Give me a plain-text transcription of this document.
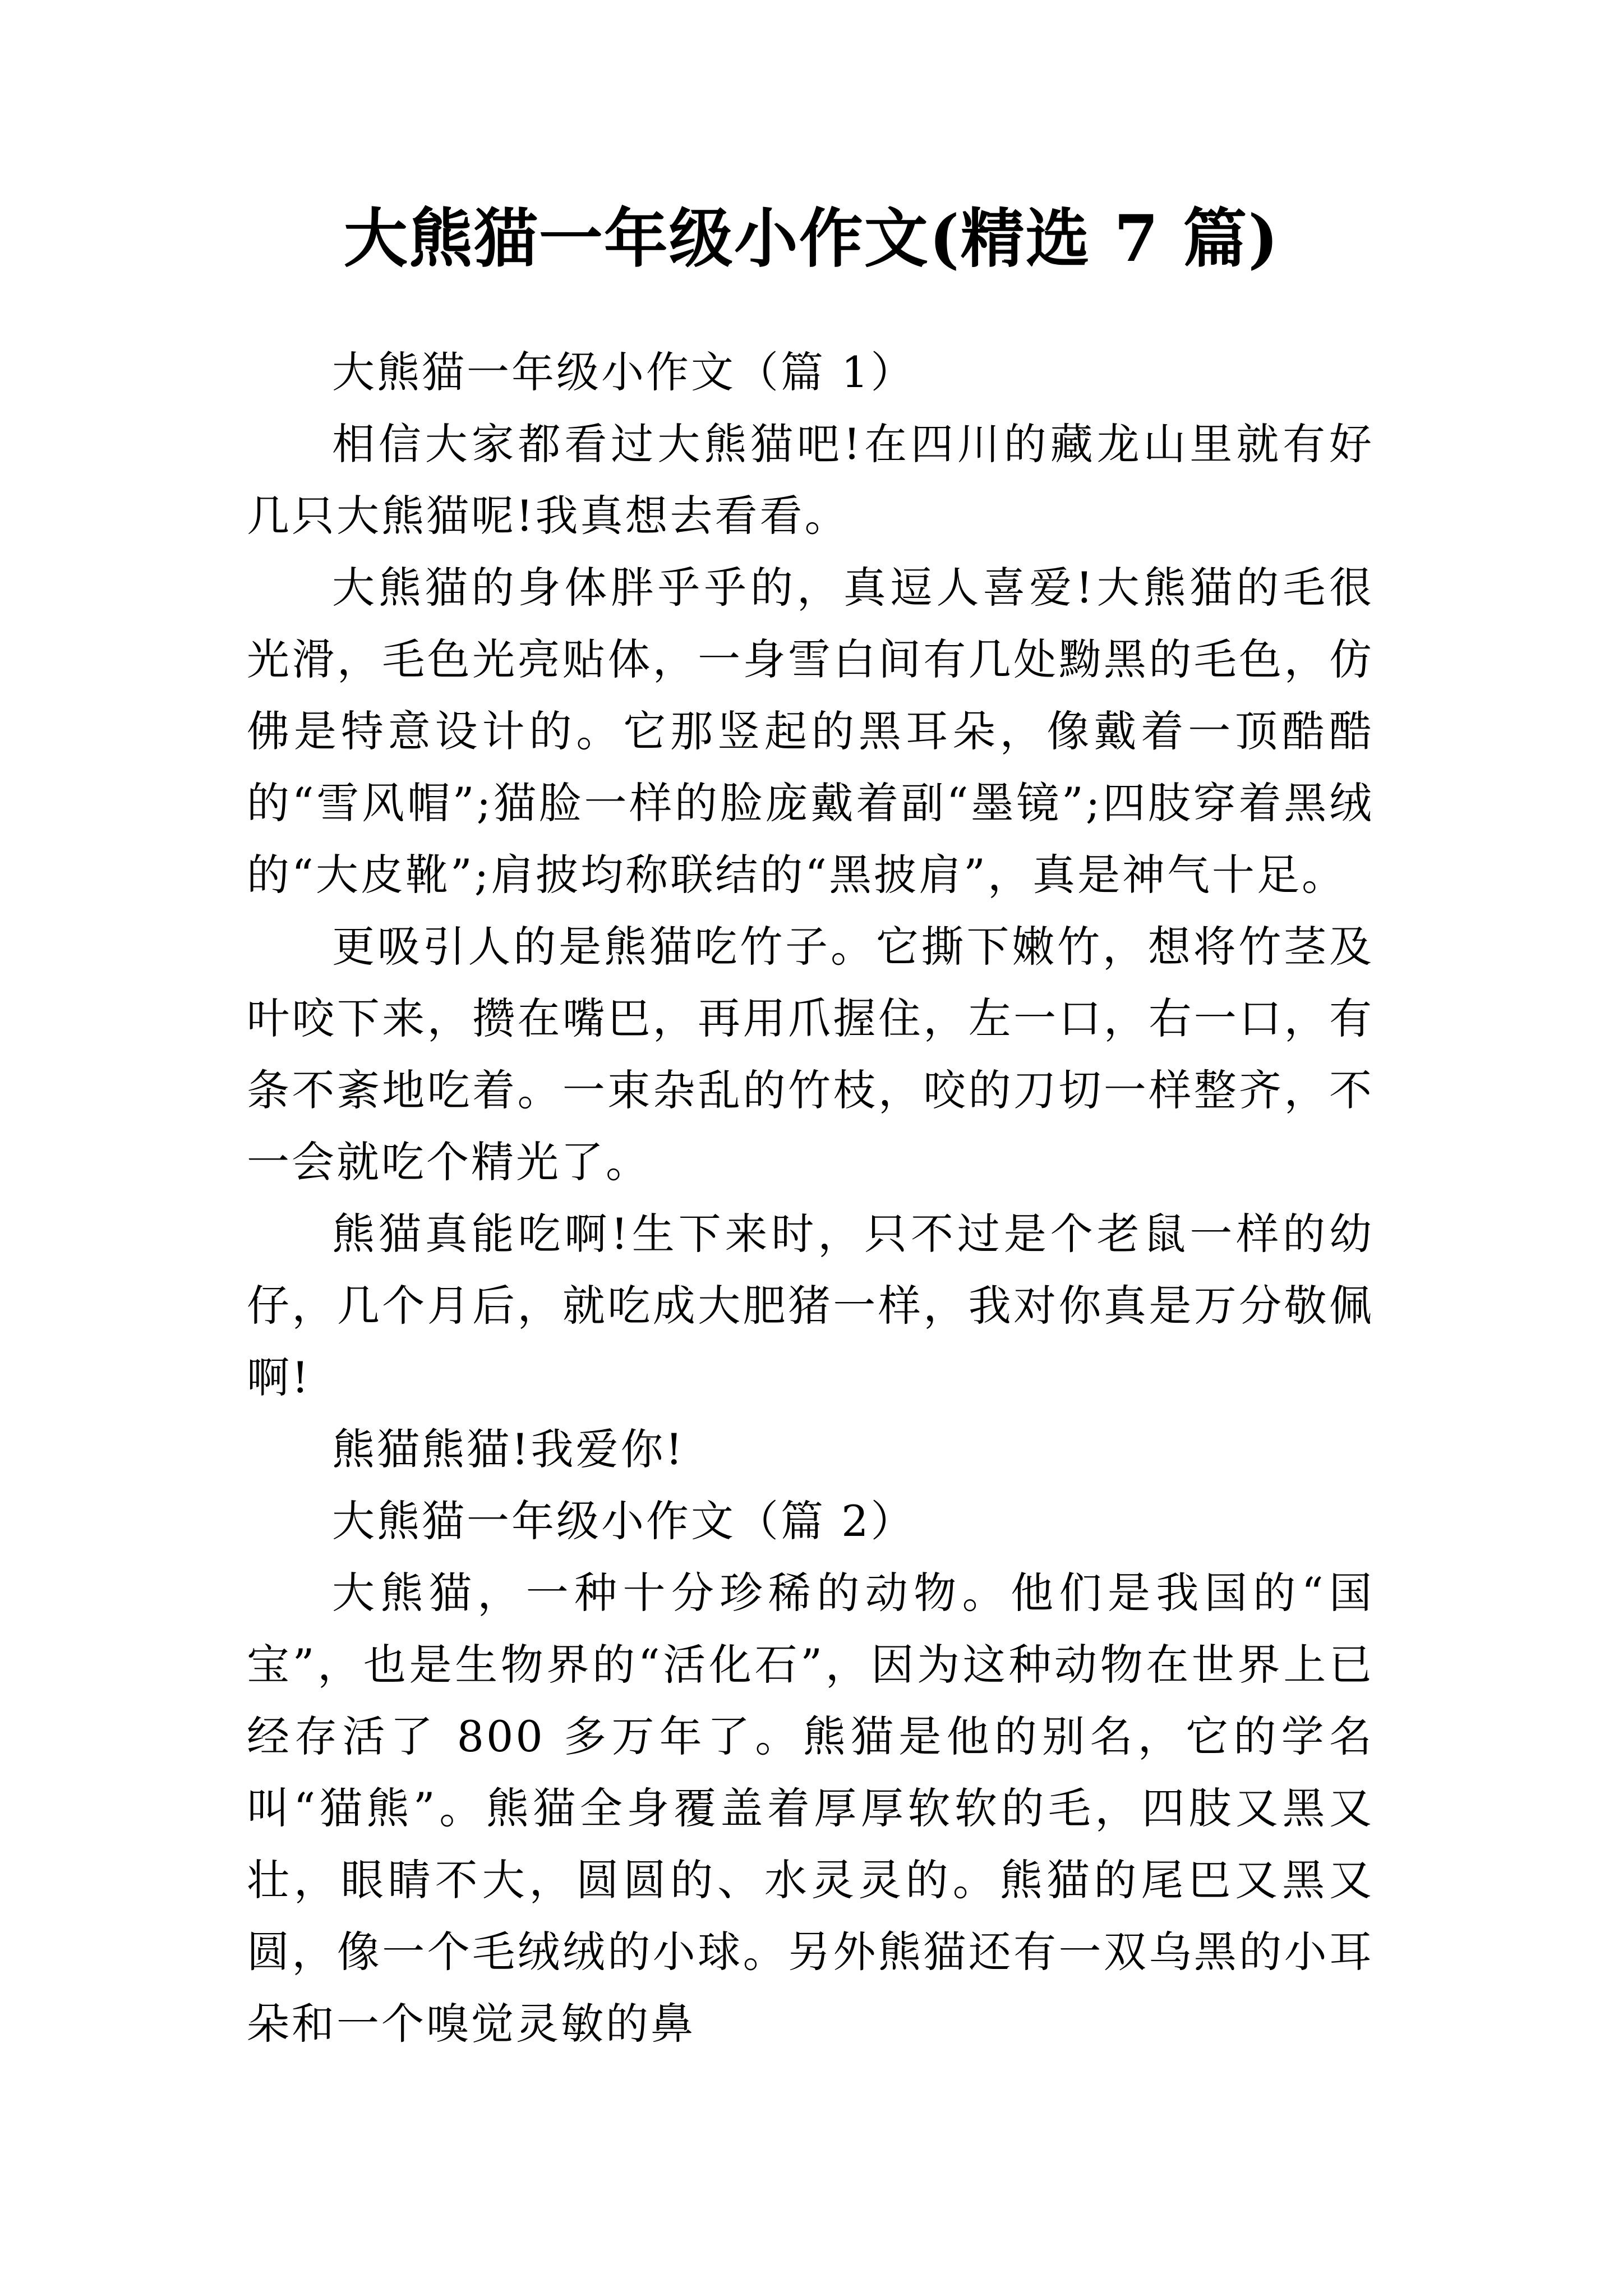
大熊猫一年级小作文(精选 7 篇)

大熊猫一年级小作文（篇 1）

相信大家都看过大熊猫吧!在四川的藏龙山里就有好几只大熊猫呢!我真想去看看。

大熊猫的身体胖乎乎的，真逗人喜爱!大熊猫的毛很光滑，毛色光亮贴体，一身雪白间有几处黝黑的毛色，仿佛是特意设计的。它那竖起的黑耳朵，像戴着一顶酷酷的“雪风帽”;猫脸一样的脸庞戴着副“墨镜”;四肢穿着黑绒的“大皮靴”;肩披均称联结的“黑披肩”，真是神气十足。

更吸引人的是熊猫吃竹子。它撕下嫩竹，想将竹茎及叶咬下来，攒在嘴巴，再用爪握住，左一口，右一口，有条不紊地吃着。一束杂乱的竹枝，咬的刀切一样整齐，不一会就吃个精光了。

熊猫真能吃啊!生下来时，只不过是个老鼠一样的幼仔，几个月后，就吃成大肥猪一样，我对你真是万分敬佩啊!

熊猫熊猫!我爱你!

大熊猫一年级小作文（篇 2）

大熊猫，一种十分珍稀的动物。他们是我国的“国宝”，也是生物界的“活化石”，因为这种动物在世界上已经存活了 800 多万年了。熊猫是他的别名，它的学名叫“猫熊”。熊猫全身覆盖着厚厚软软的毛，四肢又黑又壮，眼睛不大，圆圆的、水灵灵的。熊猫的尾巴又黑又圆，像一个毛绒绒的小球。另外熊猫还有一双乌黑的小耳朵和一个嗅觉灵敏的鼻
